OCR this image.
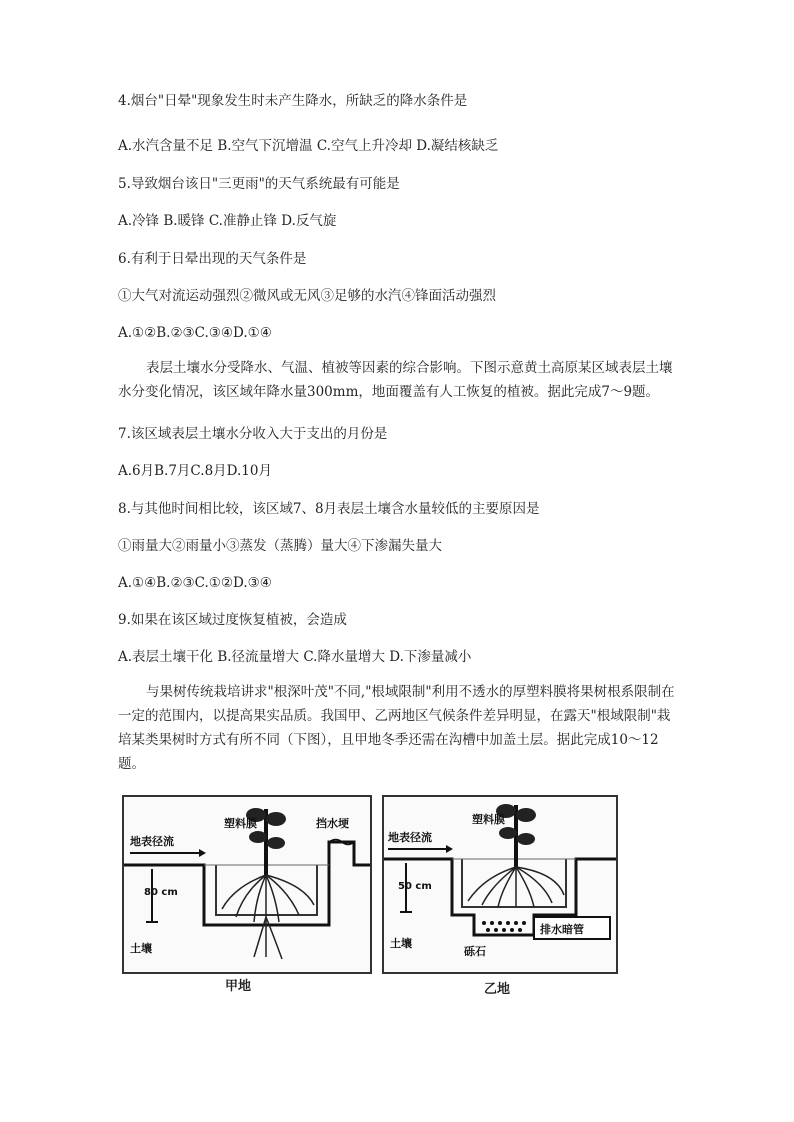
4.烟台"日晕"现象发生时未产生降水，所缺乏的降水条件是
A.水汽含量不足 B.空气下沉增温 C.空气上升冷却 D.凝结核缺乏
5.导致烟台该日"三更雨"的天气系统最有可能是
A.冷锋 B.暖锋 C.准静止锋 D.反气旋
6.有利于日晕出现的天气条件是
①大气对流运动强烈②微风或无风③足够的水汽④锋面活动强烈
A.①②B.②③C.③④D.①④
表层土壤水分受降水、气温、植被等因素的综合影响。下图示意黄土高原某区域表层土壤水分变化情况，该区域年降水量300mm，地面覆盖有人工恢复的植被。据此完成7～9题。
7.该区域表层土壤水分收入大于支出的月份是
A.6月B.7月C.8月D.10月
8.与其他时间相比较，该区域7、8月表层土壤含水量较低的主要原因是
①雨量大②雨量小③蒸发（蒸腾）量大④下渗漏失量大
A.①④B.②③C.①②D.③④
9.如果在该区域过度恢复植被，会造成
A.表层土壤干化 B.径流量增大 C.降水量增大 D.下渗量减小
与果树传统栽培讲求"根深叶茂"不同,"根域限制"利用不透水的厚塑料膜将果树根系限制在一定的范围内，以提高果实品质。我国甲、乙两地区气候条件差异明显，在露天"根域限制"栽培某类果树时方式有所不同（下图），且甲地冬季还需在沟槽中加盖土层。据此完成10～12题。
地表径流
塑料膜	挡水埂
80 cm
土壤
甲地
地表径流
塑料膜
50 cm
土壤
砾石
排水暗管
乙地
